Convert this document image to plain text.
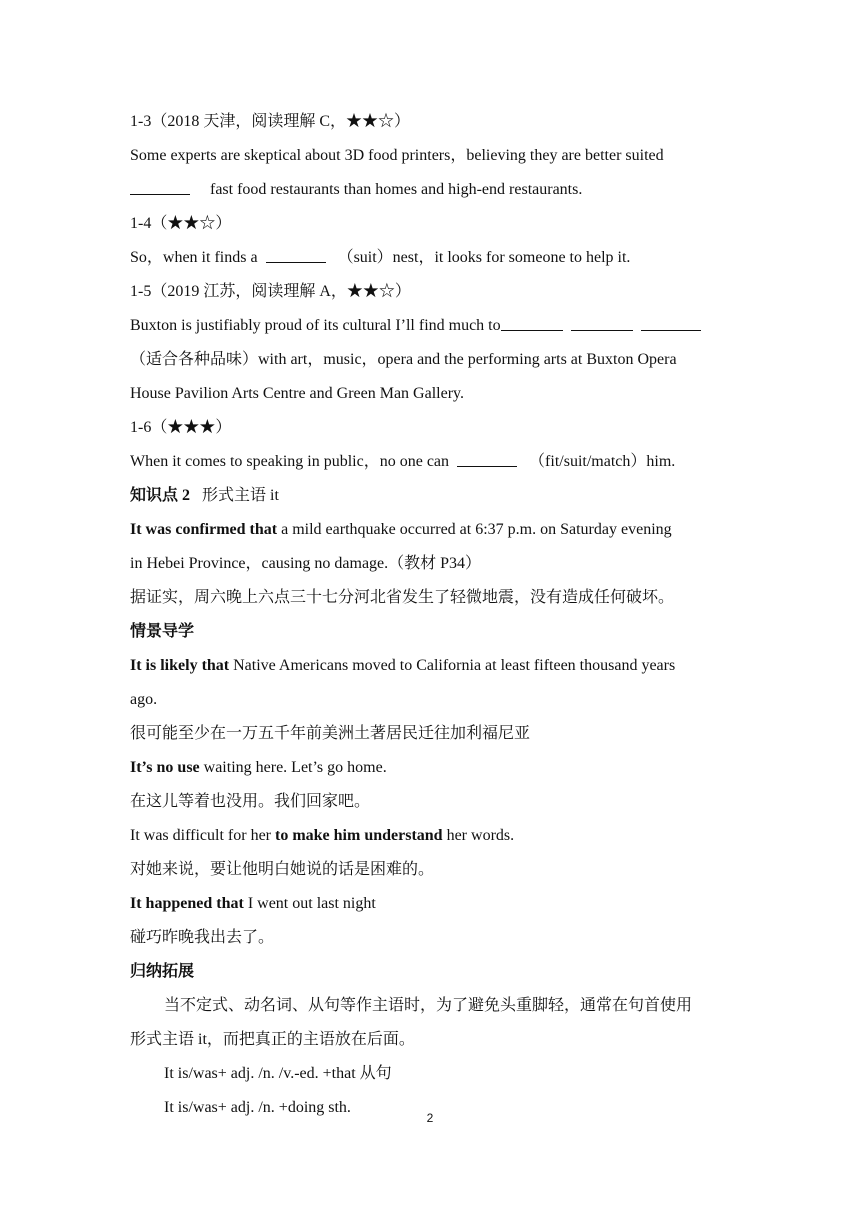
1-3（2018 天津，阅读理解 C，★★☆）
Some experts are skeptical about 3D food printers，believing they are better suited
fast food restaurants than homes and high-end restaurants.
1-4（★★☆）
So，when it finds a	（suit）nest，it looks for someone to help it.
1-5（2019 江苏，阅读理解 A，★★☆）
Buxton is justifiably proud of its cultural I’ll find much to
（适合各种品味）with art，music，opera and the performing arts at Buxton Opera
House Pavilion Arts Centre and Green Man Gallery.
1-6（★★★）
When it comes to speaking in public，no one can	（fit/suit/match）him.
知识点 2 形式主语 it
It was confirmed that a mild earthquake occurred at 6:37 p.m. on Saturday evening
in Hebei Province，causing no damage.（教材 P34）
据证实，周六晚上六点三十七分河北省发生了轻微地震，没有造成任何破坏。
情景导学
It is likely that Native Americans moved to California at least fifteen thousand years
ago.
很可能至少在一万五千年前美洲土著居民迁往加利福尼亚
It’s no use waiting here. Let’s go home.
在这儿等着也没用。我们回家吧。
It was difficult for her to make him understand her words.
对她来说，要让他明白她说的话是困难的。
It happened that I went out last night
碰巧昨晚我出去了。
归纳拓展
当不定式、动名词、从句等作主语时，为了避免头重脚轻，通常在句首使用
形式主语 it，而把真正的主语放在后面。
It is/was+ adj. /n. /v.-ed. +that 从句
It is/was+ adj. /n. +doing sth.
2
